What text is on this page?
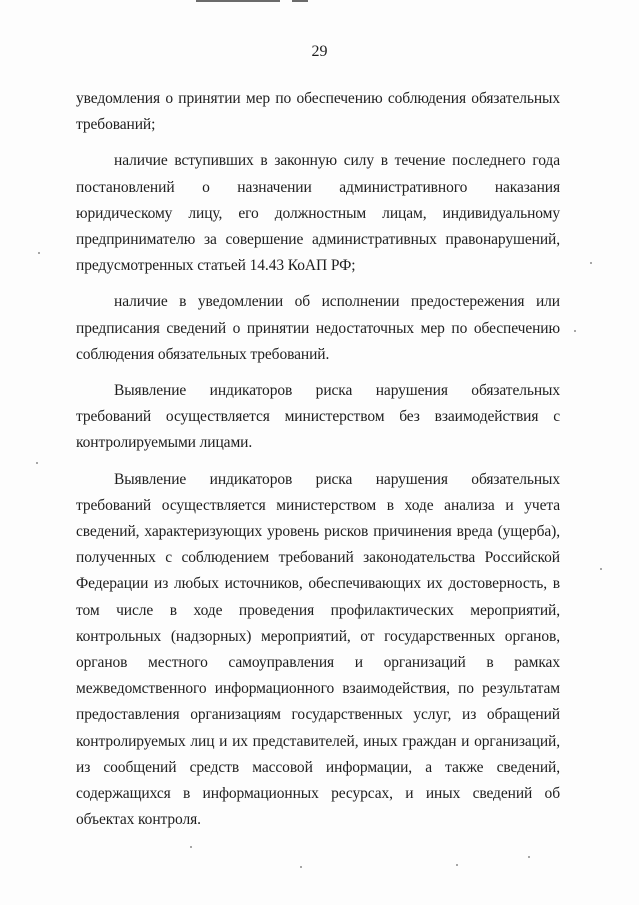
29

уведомления о принятии мер по обеспечению соблюдения обязательных требований;

наличие вступивших в законную силу в течение последнего года постановлений о назначении административного наказания юридическому лицу, его должностным лицам, индивидуальному предпринимателю за совершение административных правонарушений, предусмотренных статьей 14.43 КоАП РФ;

наличие в уведомлении об исполнении предостережения или предписания сведений о принятии недостаточных мер по обеспечению соблюдения обязательных требований.

Выявление индикаторов риска нарушения обязательных требований осуществляется министерством без взаимодействия с контролируемыми лицами.

Выявление индикаторов риска нарушения обязательных требований осуществляется министерством в ходе анализа и учета сведений, характеризующих уровень рисков причинения вреда (ущерба), полученных с соблюдением требований законодательства Российской Федерации из любых источников, обеспечивающих их достоверность, в том числе в ходе проведения профилактических мероприятий, контрольных (надзорных) мероприятий, от государственных органов, органов местного самоуправления и организаций в рамках межведомственного информационного взаимодействия, по результатам предоставления организациям государственных услуг, из обращений контролируемых лиц и их представителей, иных граждан и организаций, из сообщений средств массовой информации, а также сведений, содержащихся в информационных ресурсах, и иных сведений об объектах контроля.
